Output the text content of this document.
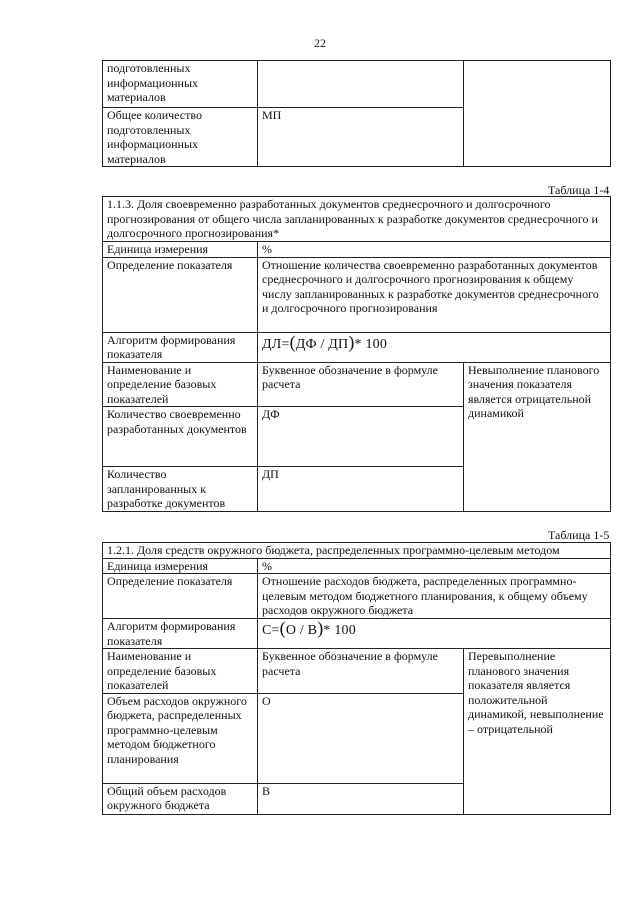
22
подготовленных информационных материалов		
Общее количество подготовленных информационных материалов	МП	
Таблица 1-4
1.1.3. Доля своевременно разработанных документов среднесрочного и долгосрочного прогнозирования от общего числа запланированных к разработке документов среднесрочного и долгосрочного прогнозирования*		
Единица измерения	%	
Определение показателя	Отношение количества своевременно разработанных документов среднесрочного и долгосрочного прогнозирования к общему числу запланированных к разработке документов среднесрочного и долгосрочного прогнозирования	
Алгоритм формирования показателя	ДЛ=(ДФ / ДП)* 100	
Наименование и определение базовых показателей	Буквенное обозначение в формуле расчета	Невыполнение планового значения показателя является отрицательной динамикой
Количество своевременно разработанных документов	ДФ	
Количество запланированных к разработке документов	ДП	
Таблица 1-5
1.2.1. Доля средств окружного бюджета, распределенных программно-целевым методом		
Единица измерения	%	
Определение показателя	Отношение расходов бюджета, распределенных программно-целевым методом бюджетного планирования, к общему объему расходов окружного бюджета	
Алгоритм формирования показателя	С=(О / В)* 100	
Наименование и определение базовых показателей	Буквенное обозначение в формуле расчета	Перевыполнение планового значения показателя является положительной динамикой, невыполнение – отрицательной
Объем расходов окружного бюджета, распределенных программно-целевым методом бюджетного планирования	О	
Общий объем расходов окружного бюджета	В	
